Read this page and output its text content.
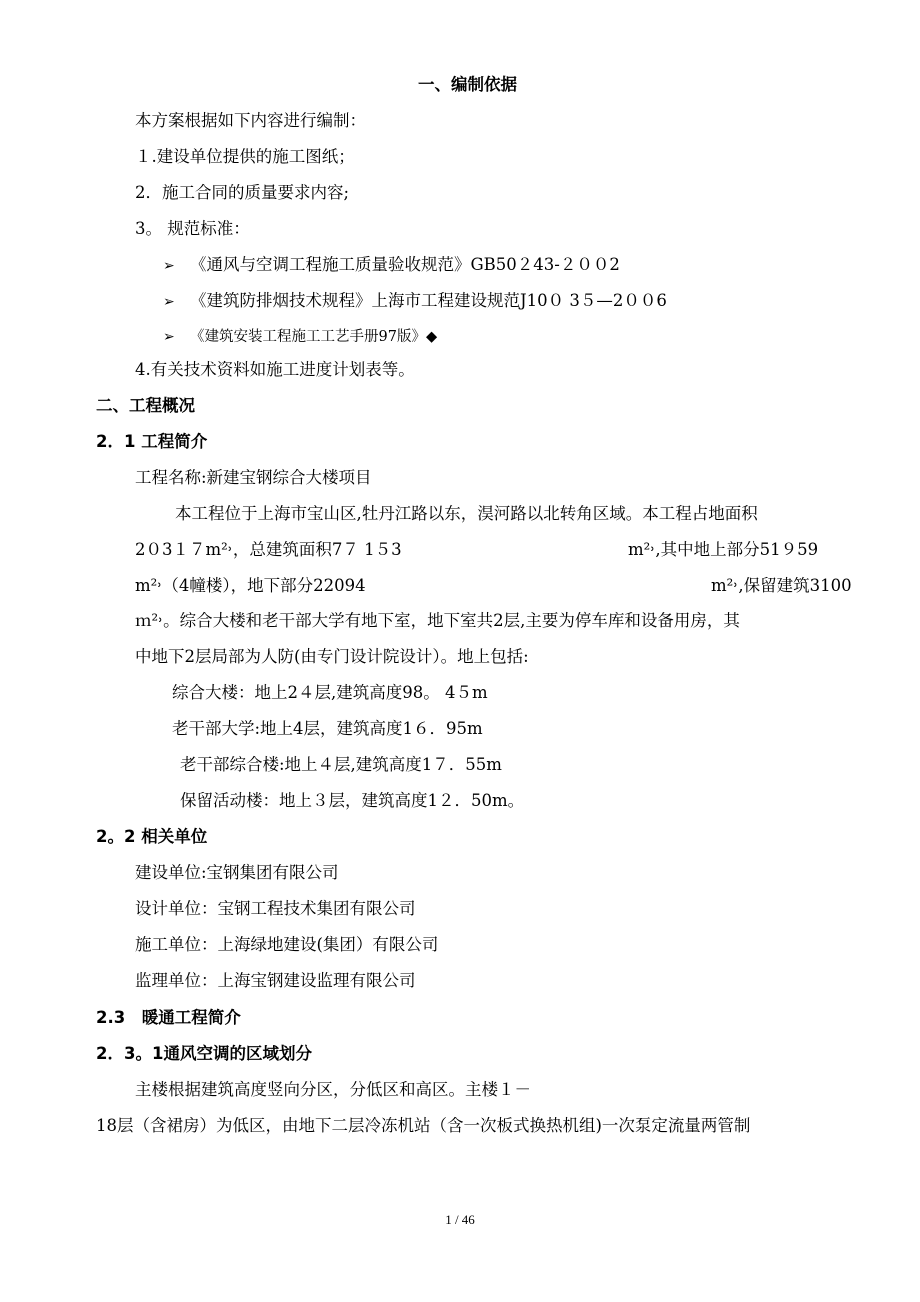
一、编制依据
本方案根据如下内容进行编制：
１.建设单位提供的施工图纸；
2．施工合同的质量要求内容;
3。 规范标准：
➢ 《通风与空调工程施工质量验收规范》GB50２43-２００2
➢ 《建筑防排烟技术规程》上海市工程建设规范J10０ 3５—2００6
➢ 《建筑安装工程施工工艺手册97版》◆
4.有关技术资料如施工进度计划表等。
二、工程概况
2．1 工程简介
工程名称:新建宝钢综合大楼项目
本工程位于上海市宝山区,牡丹江路以东，淏河路以北转角区域。本工程占地面积
2０3１７m²˒，总建筑面积7７ 1５3	m²˒,其中地上部分51９59
m²˒（4幢楼），地下部分22094	m²˒,保留建筑3100
ｍ²˒。综合大楼和老干部大学有地下室，地下室共2层,主要为停车库和设备用房，其
中地下2层局部为人防(由专门设计院设计）。地上包括:
综合大楼：地上2４层,建筑高度98。 4５m
老干部大学:地上4层，建筑高度1６．95m
老干部综合楼:地上４层,建筑高度1７．55m
保留活动楼：地上３层，建筑高度1２．50m。
2。2 相关单位
建设单位:宝钢集团有限公司
设计单位：宝钢工程技术集团有限公司
施工单位：上海绿地建设(集团）有限公司
监理单位：上海宝钢建设监理有限公司
2.3　暖通工程简介
2．3。1通风空调的区域划分
主楼根据建筑高度竖向分区，分低区和高区。主楼１－
18层（含裙房）为低区，由地下二层冷冻机站（含一次板式换热机组)一次泵定流量两管制
1 / 46
